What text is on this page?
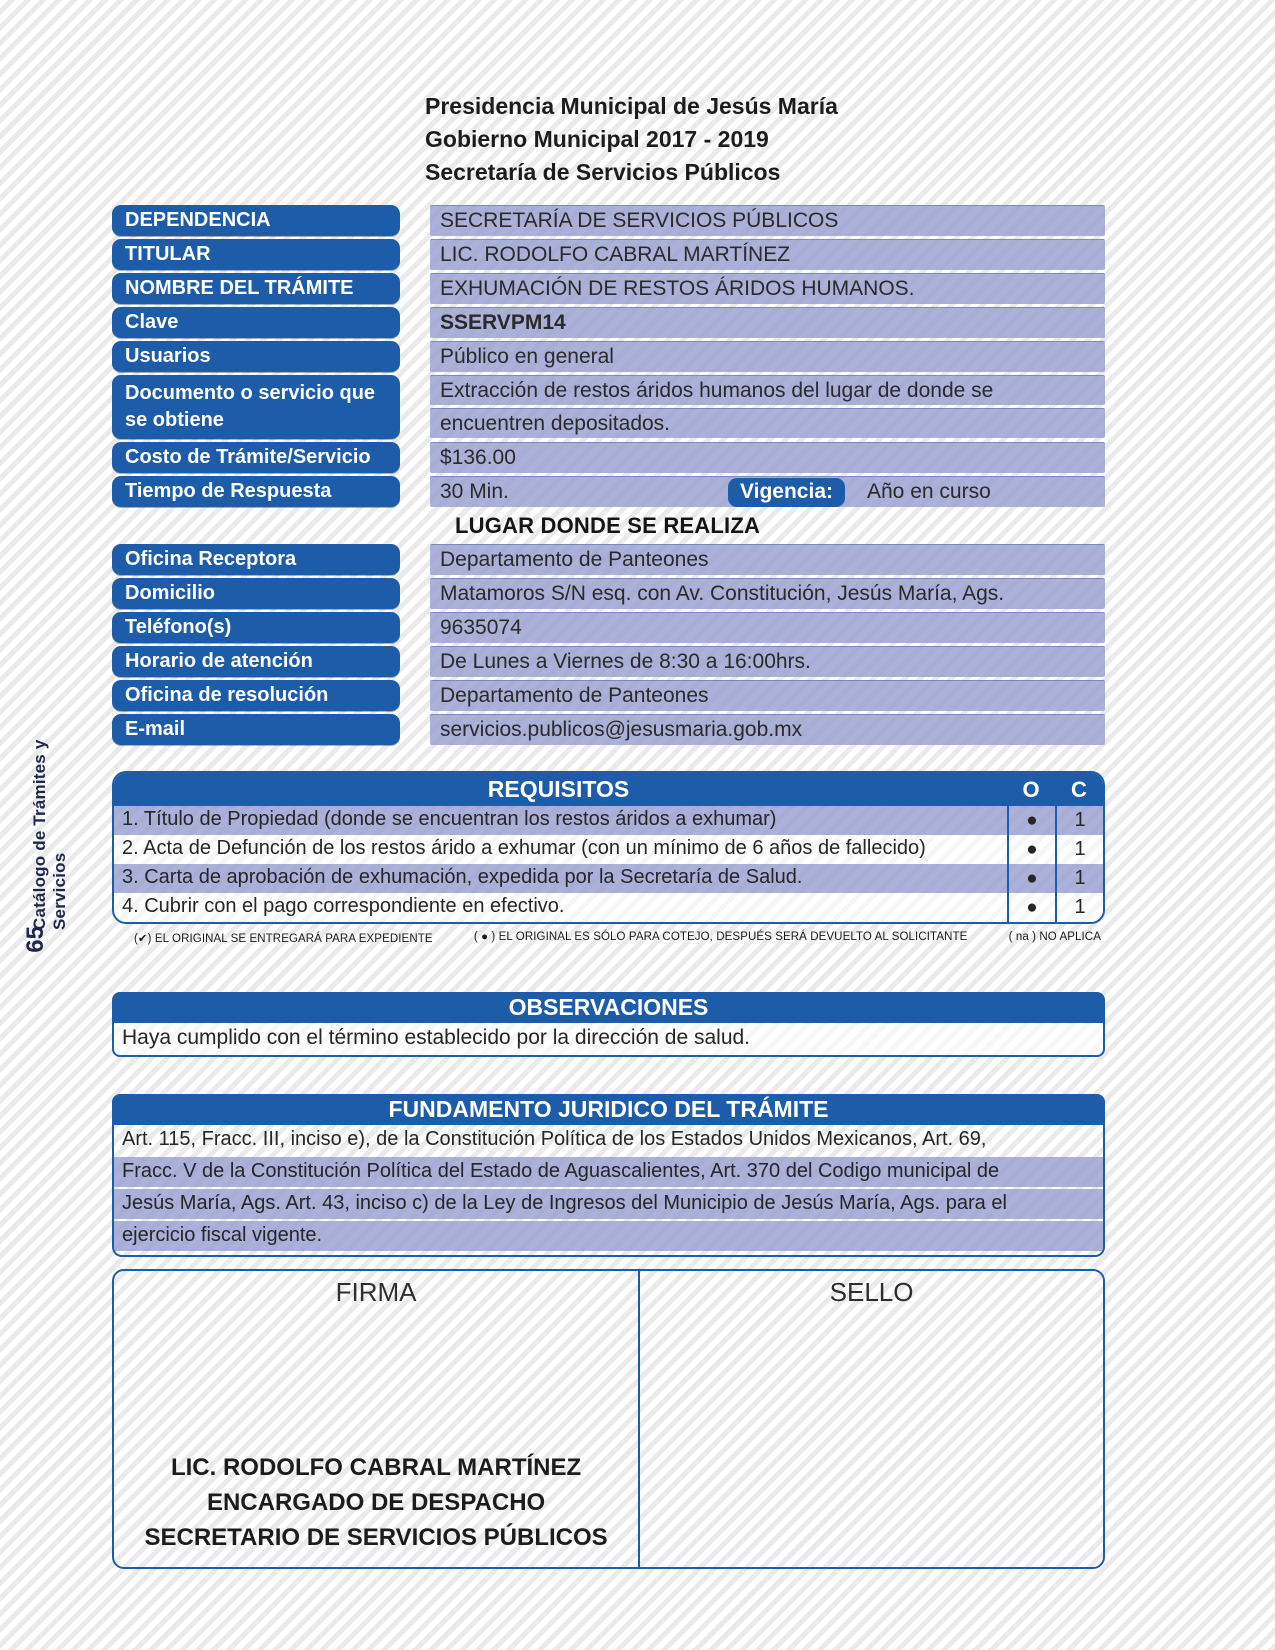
Catálogo de Trámites y Servicios
65
Presidencia Municipal de Jesús María
Gobierno Municipal 2017 - 2019
Secretaría de Servicios Públicos
DEPENDENCIA	SECRETARÍA DE SERVICIOS PÚBLICOS
TITULAR	LIC. RODOLFO CABRAL MARTÍNEZ
NOMBRE DEL TRÁMITE	EXHUMACIÓN DE RESTOS ÁRIDOS HUMANOS.
Clave	SSERVPM14
Usuarios	Público en general
Documento o servicio que se obtiene
Extracción de restos áridos humanos del lugar de donde se
encuentren depositados.
Costo de Trámite/Servicio	$136.00
Tiempo de Respuesta	30 Min.	Vigencia:	Año en curso
LUGAR DONDE SE REALIZA
Oficina Receptora	Departamento de Panteones
Domicilio	Matamoros S/N esq. con Av. Constitución, Jesús María, Ags.
Teléfono(s)	9635074
Horario de atención	De Lunes a Viernes de 8:30 a 16:00hrs.
Oficina de resolución	Departamento de Panteones
E-mail	servicios.publicos@jesusmaria.gob.mx
REQUISITOS	O	C
1. Título de Propiedad (donde se encuentran los restos áridos a exhumar)	●	1
2. Acta de Defunción de los restos árido a exhumar (con un mínimo de 6 años de fallecido)	●	1
3. Carta de aprobación de exhumación, expedida por la Secretaría de Salud.	●	1
4. Cubrir con el pago correspondiente en efectivo.	●	1
(✔) EL ORIGINAL SE ENTREGARÁ PARA EXPEDIENTE	( ● ) EL ORIGINAL ES SÓLO PARA COTEJO, DESPUÉS SERÁ DEVUELTO AL SOLICITANTE	( na ) NO APLICA
OBSERVACIONES
Haya cumplido con el término establecido por la dirección de salud.
FUNDAMENTO JURIDICO DEL TRÁMITE
Art. 115, Fracc. III, inciso e), de la Constitución Política de los Estados Unidos Mexicanos, Art. 69,
Fracc. V de la Constitución Política del Estado de Aguascalientes, Art. 370 del Codigo municipal de
Jesús María, Ags. Art. 43, inciso c) de la Ley de Ingresos del Municipio de Jesús María, Ags. para el
ejercicio fiscal vigente.
FIRMA
LIC. RODOLFO CABRAL MARTÍNEZ
ENCARGADO DE DESPACHO
SECRETARIO DE SERVICIOS PÚBLICOS
SELLO
